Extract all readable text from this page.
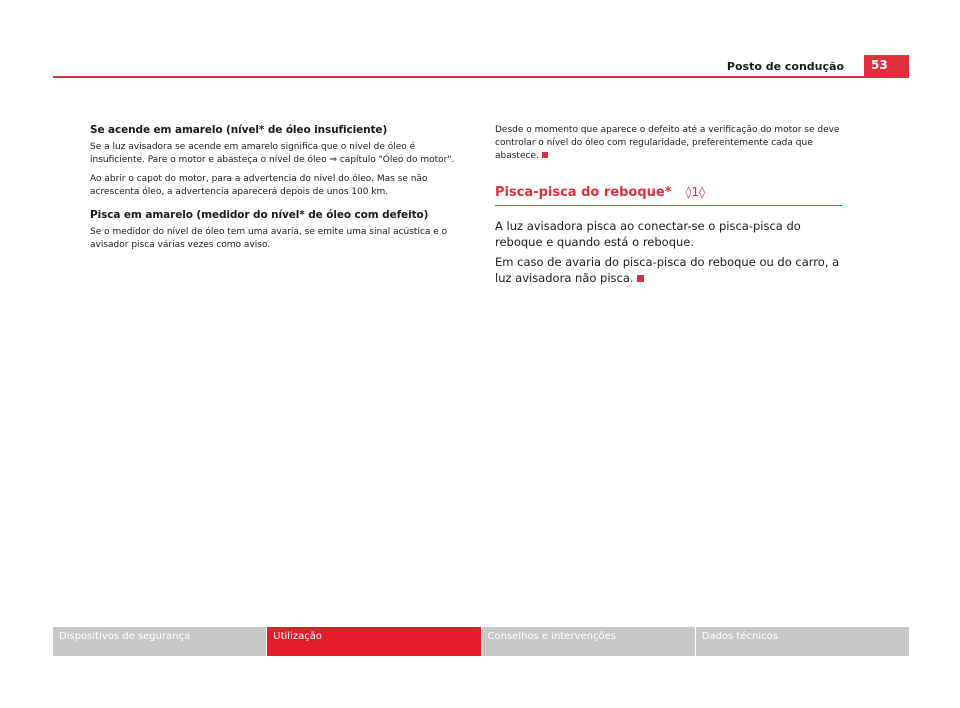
Posto de condução	53
Se acende em amarelo (nível* de óleo insuficiente)

Se a luz avisadora se acende em amarelo significa que o nível de óleo é insuficiente. Pare o motor e abasteça o nível de óleo ⇒ capítulo "Óleo do motor".

Ao abrir o capot do motor, para a advertencia do nível do óleo. Mas se não acrescenta óleo, a advertencia aparecerá depois de unos 100 km.

Pisca em amarelo (medidor do nível* de óleo com defeito)

Se o medidor do nível de óleo tem uma avaria, se emite uma sinal acústica e o avisador pisca várias vezes como aviso.

Desde o momento que aparece o defeito até a verificação do motor se deve controlar o nível do óleo com regularidade, preferentemente cada que abastece.

Pisca-pisca do reboque* ◊1◊

A luz avisadora pisca ao conectar-se o pisca-pisca do reboque e quando está o reboque.

Em caso de avaria do pisca-pisca do reboque ou do carro, a luz avisadora não pisca.

Dispositivos de segurança	Utilização	Conselhos e intervenções	Dados técnicos
